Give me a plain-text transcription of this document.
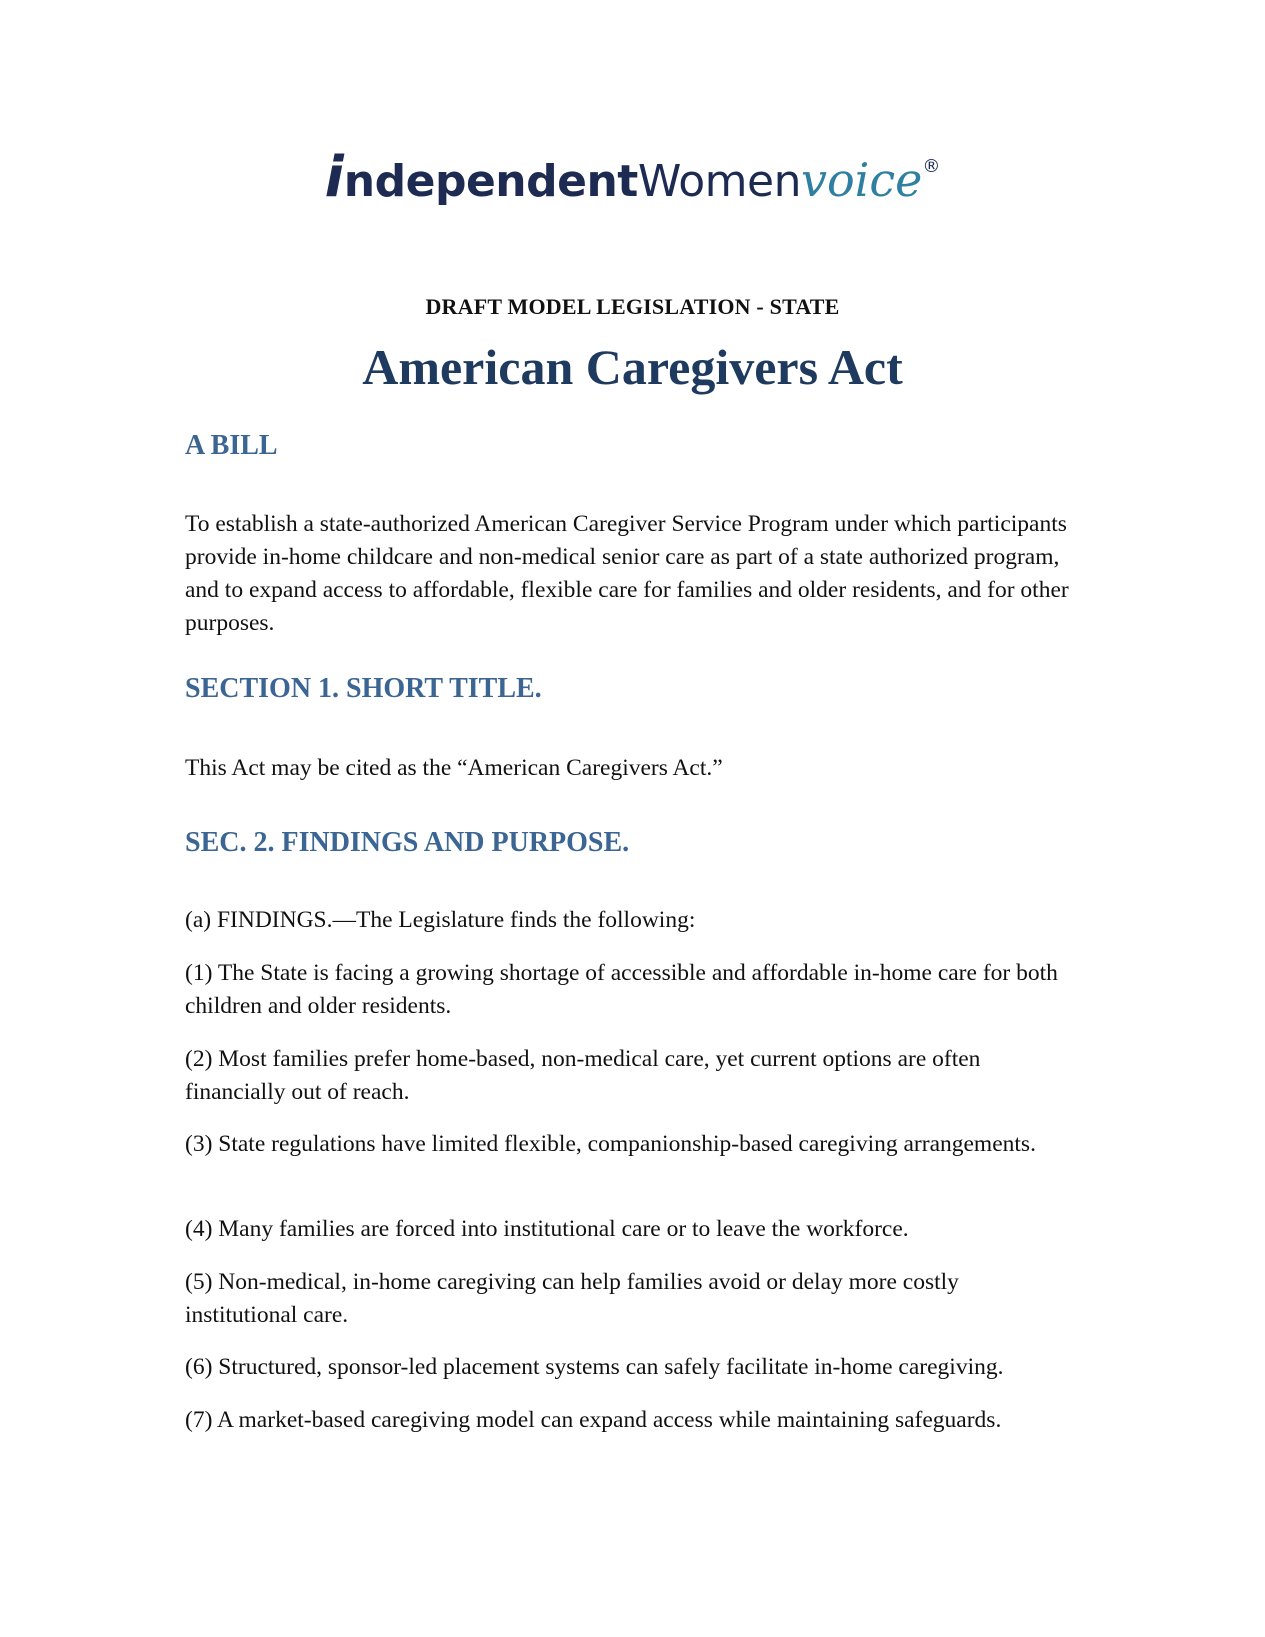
independentWomenvoice®
DRAFT MODEL LEGISLATION - STATE
American Caregivers Act
A BILL
To establish a state-authorized American Caregiver Service Program under which participants provide in-home childcare and non-medical senior care as part of a state authorized program, and to expand access to affordable, flexible care for families and older residents, and for other purposes.
SECTION 1. SHORT TITLE.
This Act may be cited as the “American Caregivers Act.”
SEC. 2. FINDINGS AND PURPOSE.
(a) FINDINGS.—The Legislature finds the following:
(1) The State is facing a growing shortage of accessible and affordable in-home care for both children and older residents.
(2) Most families prefer home-based, non-medical care, yet current options are often financially out of reach.
(3) State regulations have limited flexible, companionship-based caregiving arrangements.
(4) Many families are forced into institutional care or to leave the workforce.
(5) Non-medical, in-home caregiving can help families avoid or delay more costly institutional care.
(6) Structured, sponsor-led placement systems can safely facilitate in-home caregiving.
(7) A market-based caregiving model can expand access while maintaining safeguards.
